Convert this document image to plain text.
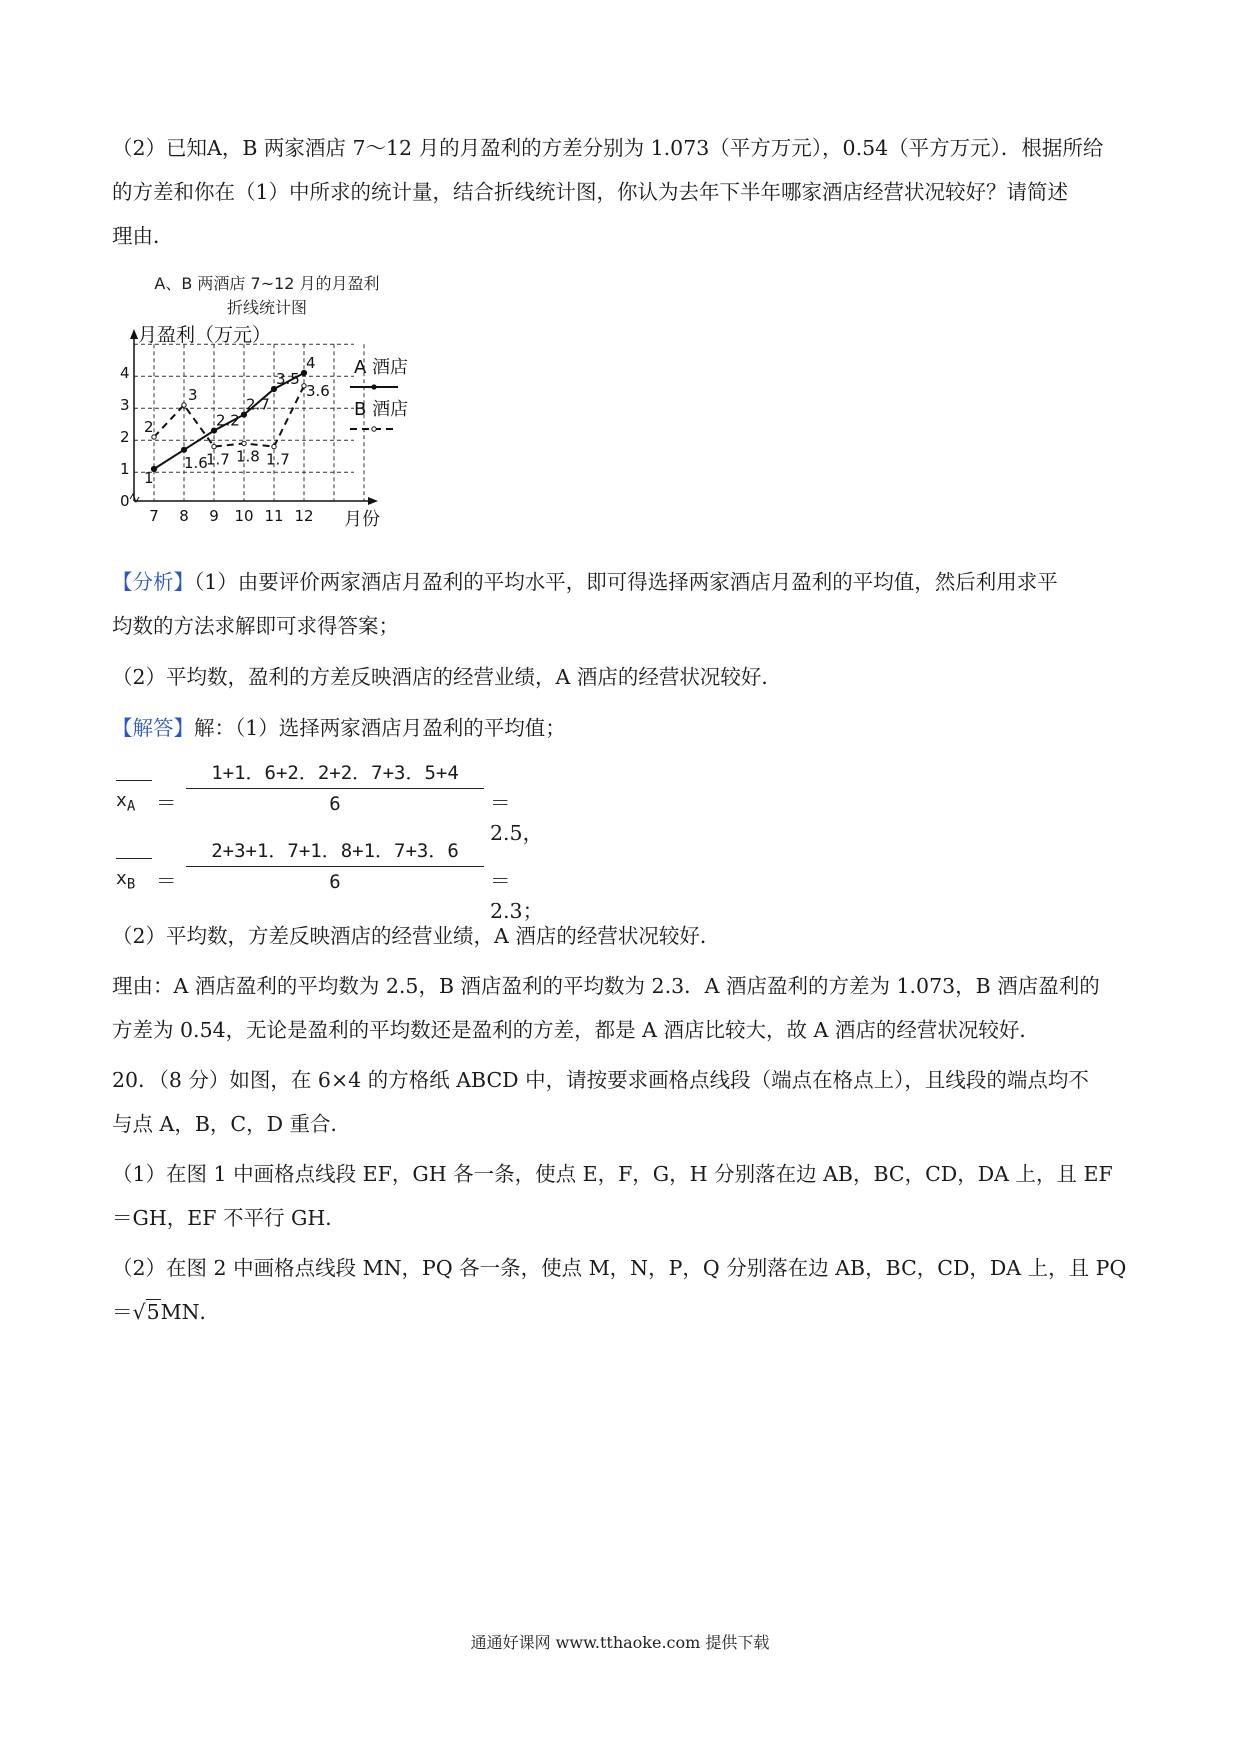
（2）已知A，B 两家酒店 7～12 月的月盈利的方差分别为 1.073（平方万元），0.54（平方万元）．根据所给

的方差和你在（1）中所求的统计量，结合折线统计图，你认为去年下半年哪家酒店经营状况较好？请简述

理由．

A、B 两酒店 7~12 月的月盈利
折线统计图
月盈利（万元）
月份
0
1
2
3
4
7 8 9 10 11 12
1
1.6
2.2
2.7
3.5
4
2
3
1.7 1.8 1.7
3.6
A 酒店
B 酒店

【分析】（1）由要评价两家酒店月盈利的平均水平，即可得选择两家酒店月盈利的平均值，然后利用求平

均数的方法求解即可求得答案；

（2）平均数，盈利的方差反映酒店的经营业绩，A 酒店的经营状况较好．

【解答】解：（1）选择两家酒店月盈利的平均值；

$x_A$ ＝
1+1．6+2．2+2．7+3．5+4
6	＝2.5，
$x_B$ ＝
2+3+1．7+1．8+1．7+3．6
6	＝2.3；

（2）平均数，方差反映酒店的经营业绩，A 酒店的经营状况较好．

理由：A 酒店盈利的平均数为 2.5，B 酒店盈利的平均数为 2.3．A 酒店盈利的方差为 1.073，B 酒店盈利的

方差为 0.54，无论是盈利的平均数还是盈利的方差，都是 A 酒店比较大，故 A 酒店的经营状况较好．

20．（8 分）如图，在 6×4 的方格纸 ABCD 中，请按要求画格点线段（端点在格点上），且线段的端点均不

与点 A，B，C，D 重合．

（1）在图 1 中画格点线段 EF，GH 各一条，使点 E，F，G，H 分别落在边 AB，BC，CD，DA 上，且 EF

＝GH，EF 不平行 GH．

（2）在图 2 中画格点线段 MN，PQ 各一条，使点 M，N，P，Q 分别落在边 AB，BC，CD，DA 上，且 PQ

＝√5MN．

通通好课网 www.tthaoke.com 提供下载
